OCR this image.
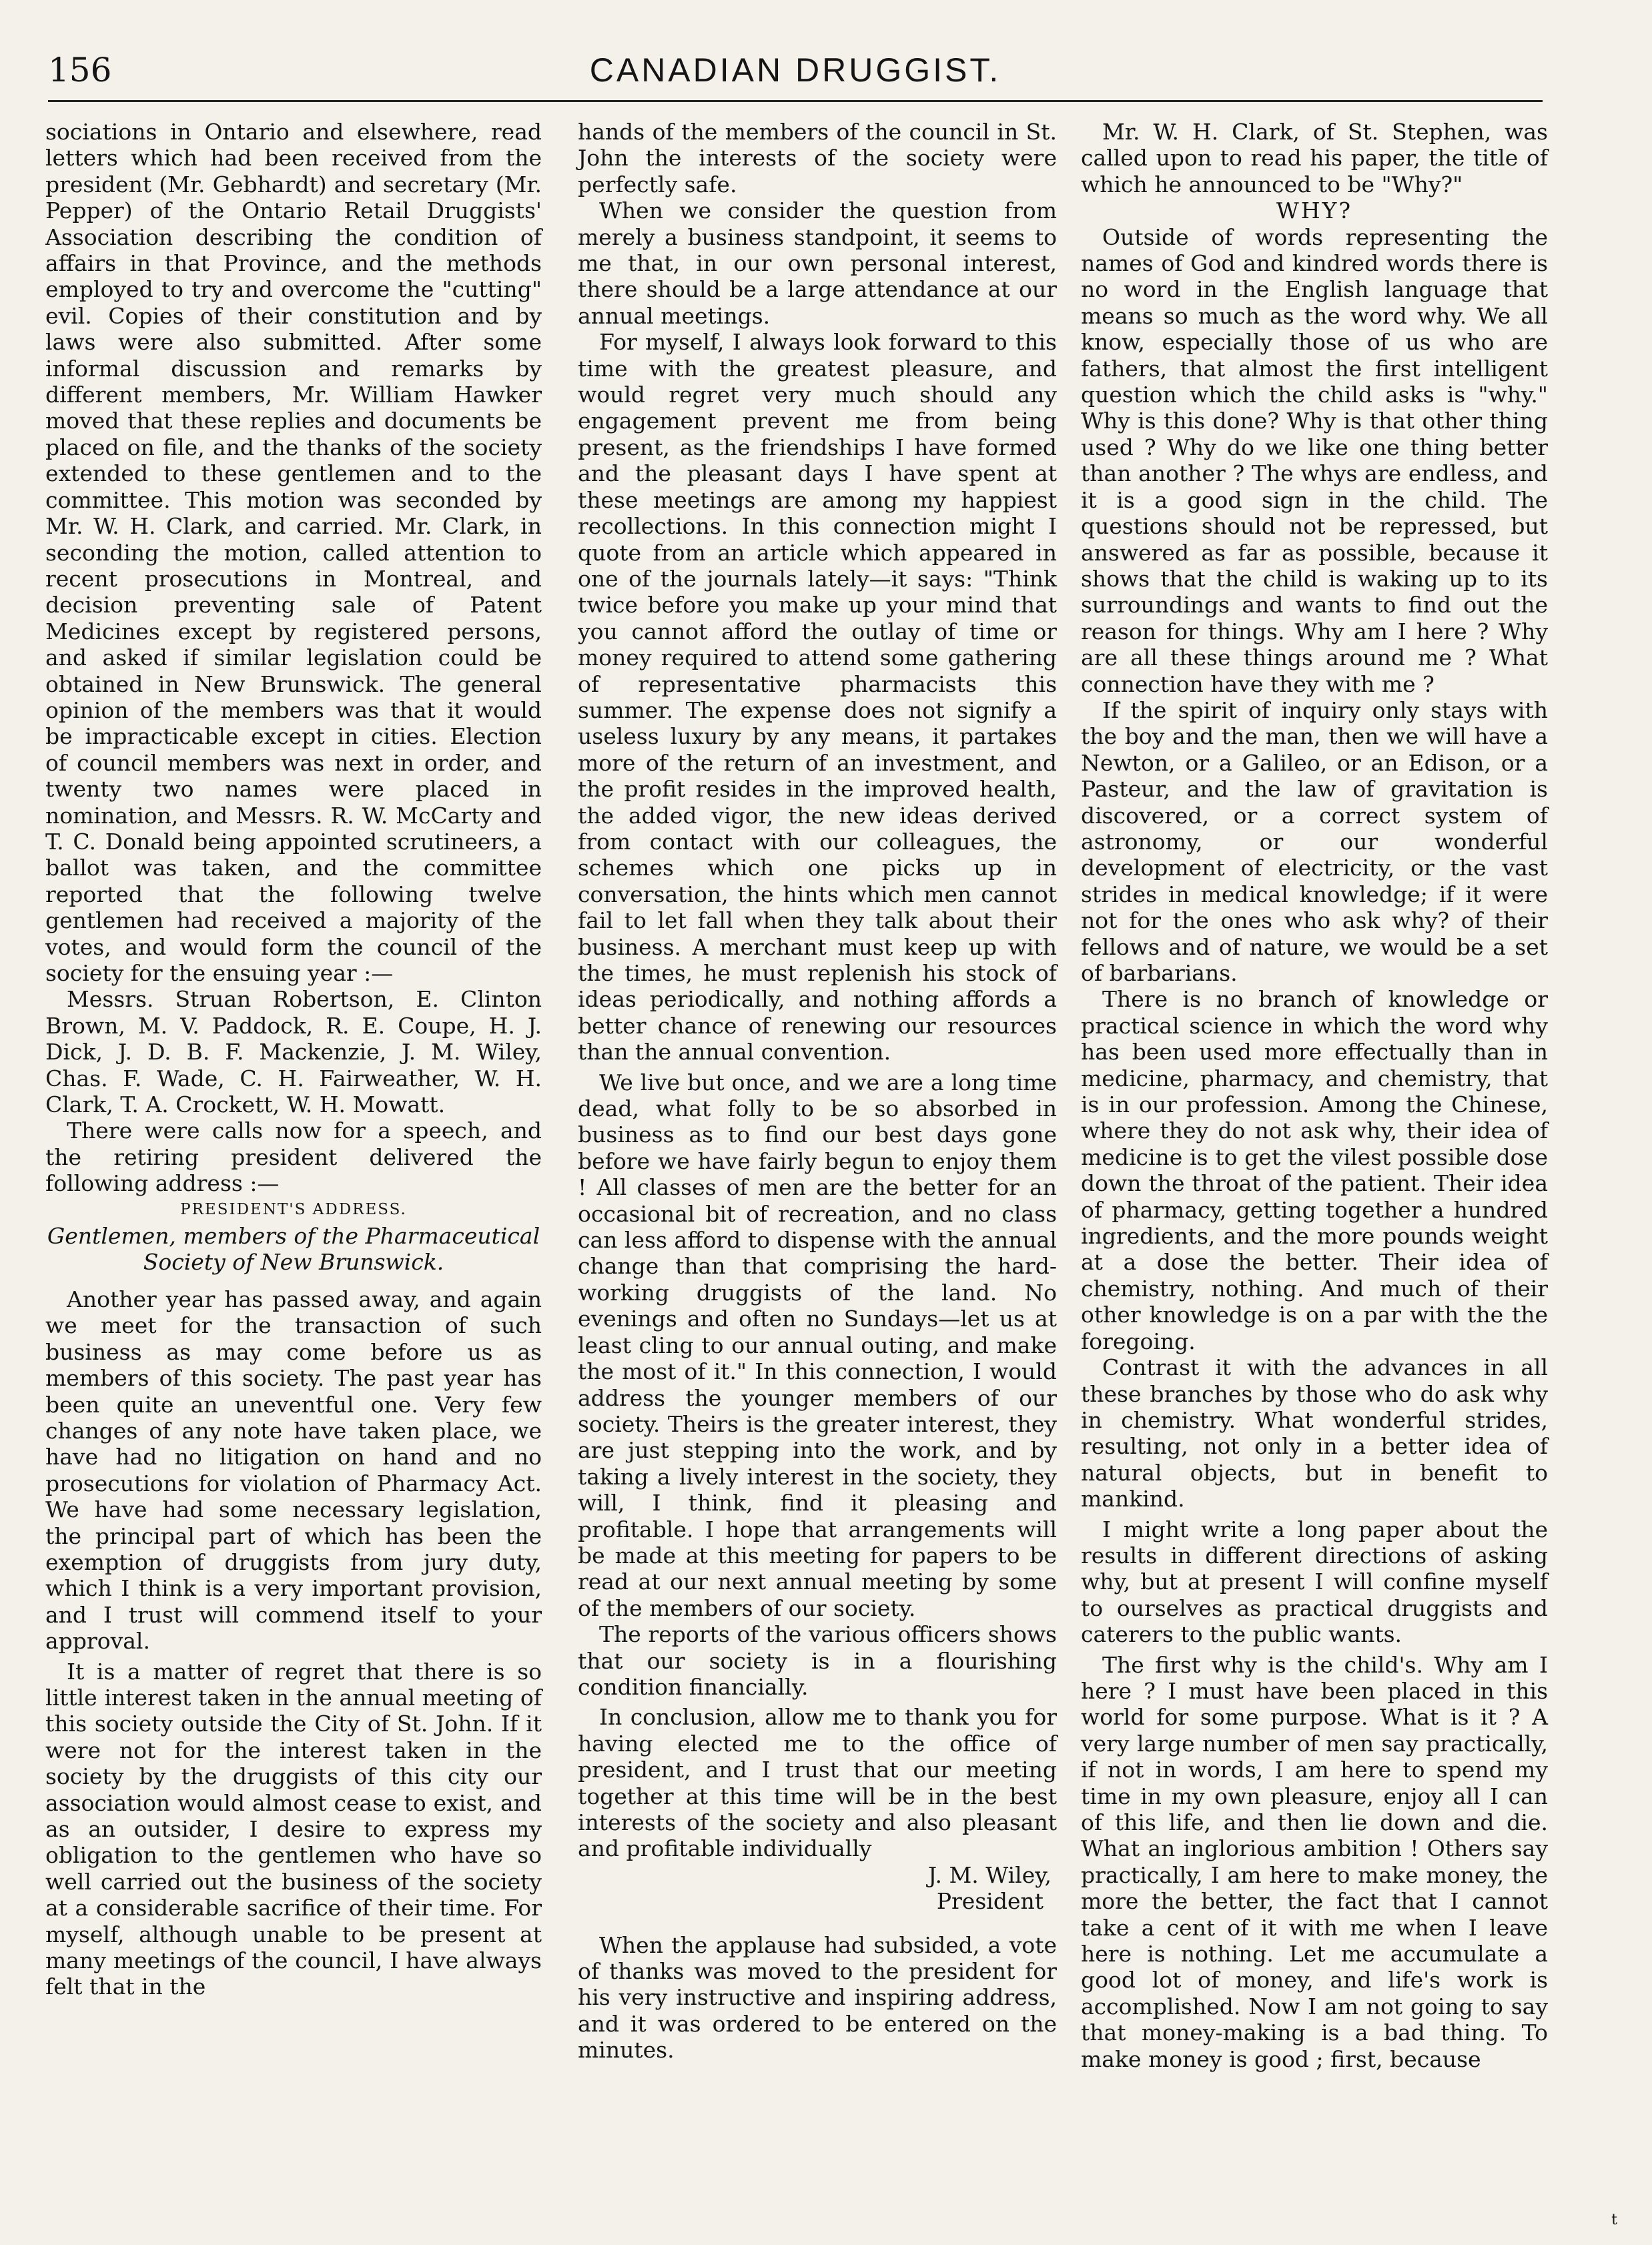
156	CANADIAN DRUGGIST.

sociations in Ontario and elsewhere, read letters which had been received from the president (Mr. Gebhardt) and secretary (Mr. Pepper) of the Ontario Retail Druggists' Association describing the condition of affairs in that Province, and the methods employed to try and overcome the "cutting" evil. Copies of their constitution and by laws were also submitted. After some informal discussion and remarks by different members, Mr. William Hawker moved that these replies and documents be placed on file, and the thanks of the society extended to these gentlemen and to the committee. This motion was seconded by Mr. W. H. Clark, and carried. Mr. Clark, in seconding the motion, called attention to recent prosecutions in Montreal, and decision preventing sale of Patent Medicines except by registered persons, and asked if similar legislation could be obtained in New Brunswick. The general opinion of the members was that it would be impracticable except in cities. Election of council members was next in order, and twenty two names were placed in nomination, and Messrs. R. W. McCarty and T. C. Donald being appointed scrutineers, a ballot was taken, and the committee reported that the following twelve gentlemen had received a majority of the votes, and would form the council of the society for the ensuing year :—

Messrs. Struan Robertson, E. Clinton Brown, M. V. Paddock, R. E. Coupe, H. J. Dick, J. D. B. F. Mackenzie, J. M. Wiley, Chas. F. Wade, C. H. Fairweather, W. H. Clark, T. A. Crockett, W. H. Mowatt.

There were calls now for a speech, and the retiring president delivered the following address :—

PRESIDENT'S ADDRESS.

Gentlemen, members of the Pharmaceutical Society of New Brunswick.

Another year has passed away, and again we meet for the transaction of such business as may come before us as members of this society. The past year has been quite an uneventful one. Very few changes of any note have taken place, we have had no litigation on hand and no prosecutions for violation of Pharmacy Act. We have had some necessary legislation, the principal part of which has been the exemption of druggists from jury duty, which I think is a very important provision, and I trust will commend itself to your approval.

It is a matter of regret that there is so little interest taken in the annual meeting of this society outside the City of St. John. If it were not for the interest taken in the society by the druggists of this city our association would almost cease to exist, and as an outsider, I desire to express my obligation to the gentlemen who have so well carried out the business of the society at a considerable sacrifice of their time. For myself, although unable to be present at many meetings of the council, I have always felt that in the

hands of the members of the council in St. John the interests of the society were perfectly safe.

When we consider the question from merely a business standpoint, it seems to me that, in our own personal interest, there should be a large attendance at our annual meetings.

For myself, I always look forward to this time with the greatest pleasure, and would regret very much should any engagement prevent me from being present, as the friendships I have formed and the pleasant days I have spent at these meetings are among my happiest recollections. In this connection might I quote from an article which appeared in one of the journals lately—it says: "Think twice before you make up your mind that you cannot afford the outlay of time or money required to attend some gathering of representative pharmacists this summer. The expense does not signify a useless luxury by any means, it partakes more of the return of an investment, and the profit resides in the improved health, the added vigor, the new ideas derived from contact with our colleagues, the schemes which one picks up in conversation, the hints which men cannot fail to let fall when they talk about their business. A merchant must keep up with the times, he must replenish his stock of ideas periodically, and nothing affords a better chance of renewing our resources than the annual convention.

We live but once, and we are a long time dead, what folly to be so absorbed in business as to find our best days gone before we have fairly begun to enjoy them ! All classes of men are the better for an occasional bit of recreation, and no class can less afford to dispense with the annual change than that comprising the hard-working druggists of the land. No evenings and often no Sundays—let us at least cling to our annual outing, and make the most of it." In this connection, I would address the younger members of our society. Theirs is the greater interest, they are just stepping into the work, and by taking a lively interest in the society, they will, I think, find it pleasing and profitable. I hope that arrangements will be made at this meeting for papers to be read at our next annual meeting by some of the members of our society.

The reports of the various officers shows that our society is in a flourishing condition financially.

In conclusion, allow me to thank you for having elected me to the office of president, and I trust that our meeting together at this time will be in the best interests of the society and also pleasant and profitable individually

J. M. Wiley,

President

When the applause had subsided, a vote of thanks was moved to the president for his very instructive and inspiring address, and it was ordered to be entered on the minutes.

Mr. W. H. Clark, of St. Stephen, was called upon to read his paper, the title of which he announced to be "Why?"

WHY?

Outside of words representing the names of God and kindred words there is no word in the English language that means so much as the word why. We all know, especially those of us who are fathers, that almost the first intelligent question which the child asks is "why." Why is this done? Why is that other thing used ? Why do we like one thing better than another ? The whys are endless, and it is a good sign in the child. The questions should not be repressed, but answered as far as possible, because it shows that the child is waking up to its surroundings and wants to find out the reason for things. Why am I here ? Why are all these things around me ? What connection have they with me ?

If the spirit of inquiry only stays with the boy and the man, then we will have a Newton, or a Galileo, or an Edison, or a Pasteur, and the law of gravitation is discovered, or a correct system of astronomy, or our wonderful development of electricity, or the vast strides in medical knowledge; if it were not for the ones who ask why? of their fellows and of nature, we would be a set of barbarians.

There is no branch of knowledge or practical science in which the word why has been used more effectually than in medicine, pharmacy, and chemistry, that is in our profession. Among the Chinese, where they do not ask why, their idea of medicine is to get the vilest possible dose down the throat of the patient. Their idea of pharmacy, getting together a hundred ingredients, and the more pounds weight at a dose the better. Their idea of chemistry, nothing. And much of their other knowledge is on a par with the the foregoing.

Contrast it with the advances in all these branches by those who do ask why in chemistry. What wonderful strides, resulting, not only in a better idea of natural objects, but in benefit to mankind.

I might write a long paper about the results in different directions of asking why, but at present I will confine myself to ourselves as practical druggists and caterers to the public wants.

The first why is the child's. Why am I here ? I must have been placed in this world for some purpose. What is it ? A very large number of men say practically, if not in words, I am here to spend my time in my own pleasure, enjoy all I can of this life, and then lie down and die. What an inglorious ambition ! Others say practically, I am here to make money, the more the better, the fact that I cannot take a cent of it with me when I leave here is nothing. Let me accumulate a good lot of money, and life's work is accomplished. Now I am not going to say that money-making is a bad thing. To make money is good ; first, because

t
